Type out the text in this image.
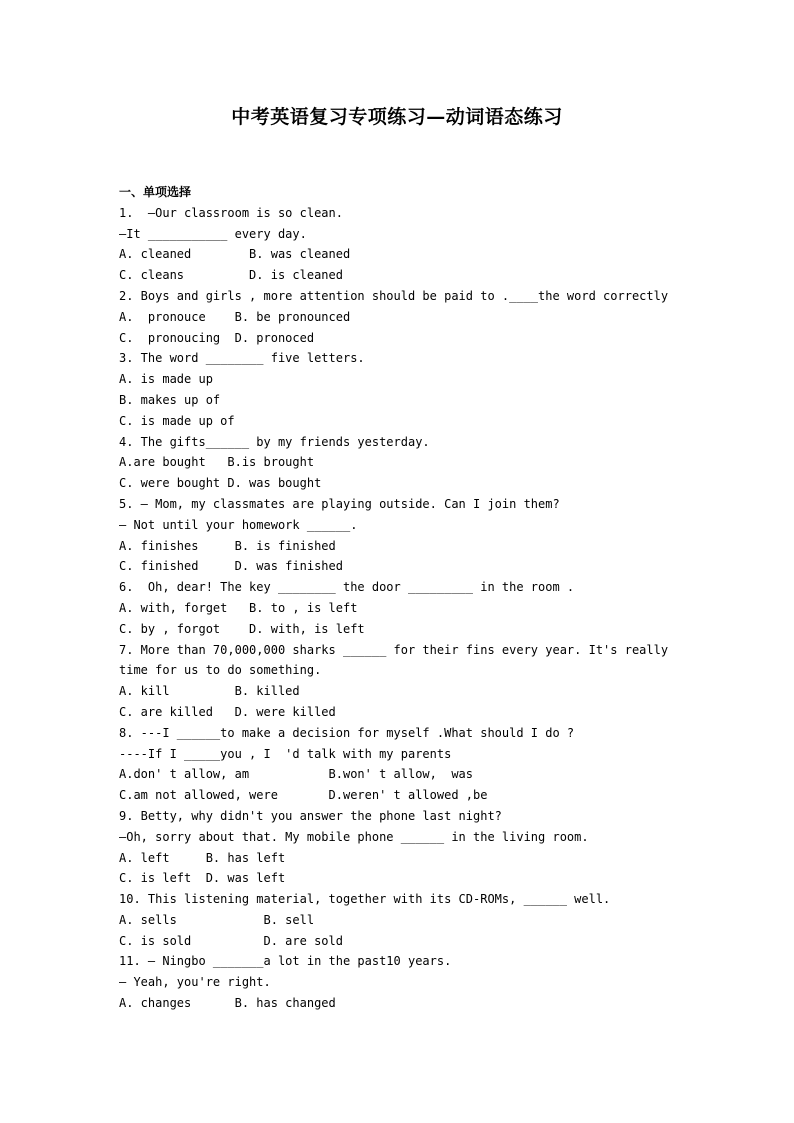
中考英语复习专项练习—动词语态练习
一、单项选择
1.  —Our classroom is so clean.
—It ___________ every day.
A. cleaned        B. was cleaned
C. cleans         D. is cleaned
2. Boys and girls , more attention should be paid to .____the word correctly
A.  pronouce    B. be pronounced
C.  pronoucing  D. pronoced
3. The word ________ five letters.
A. is made up
B. makes up of
C. is made up of
4. The gifts______ by my friends yesterday.
A.are bought   B.is brought
C. were bought D. was bought
5. — Mom, my classmates are playing outside. Can I join them?
— Not until your homework ______.
A. finishes     B. is finished
C. finished     D. was finished
6.  Oh, dear! The key ________ the door _________ in the room .
A. with, forget   B. to , is left
C. by , forgot    D. with, is left
7. More than 70,000,000 sharks ______ for their fins every year. It's really time for us to do something.
A. kill         B. killed
C. are killed   D. were killed
8. ---I ______to make a decision for myself .What should I do ?
----If I _____you , I  'd talk with my parents
A.don' t allow, am           B.won' t allow,  was
C.am not allowed, were       D.weren' t allowed ,be
9. Betty, why didn't you answer the phone last night?
—Oh, sorry about that. My mobile phone ______ in the living room.
A. left     B. has left
C. is left  D. was left
10. This listening material, together with its CD-ROMs, ______ well.
A. sells            B. sell
C. is sold          D. are sold
11. — Ningbo _______a lot in the past10 years.
— Yeah, you're right.
A. changes      B. has changed
